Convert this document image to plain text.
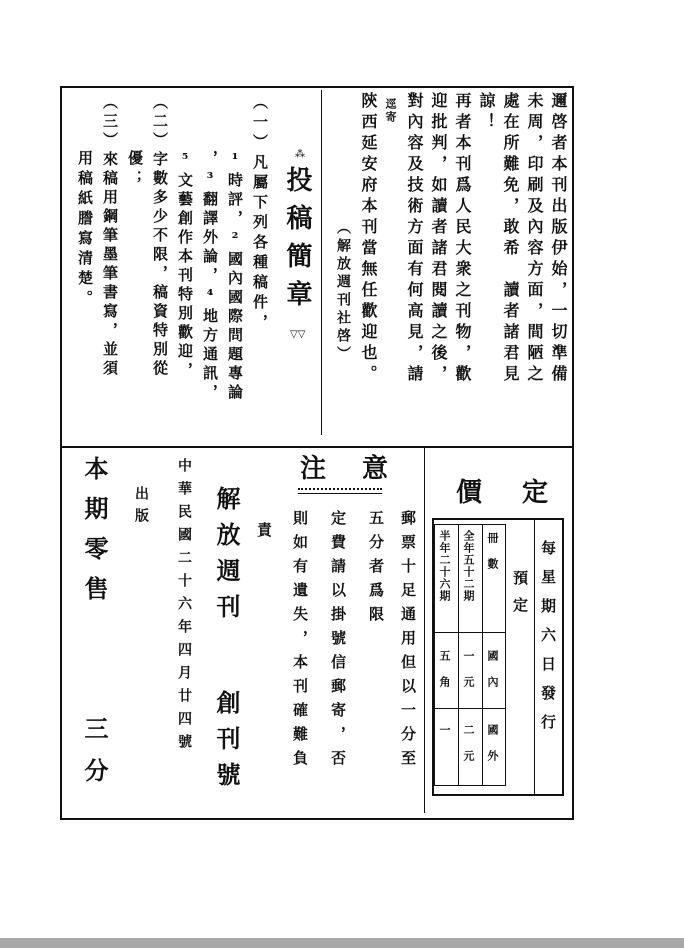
邇啓者本刊出版伊始，一切準備
未周，印刷及內容方面，間陋之
處在所難免，敢希　讀者諸君見
諒！
再者本刊爲人民大衆之刊物，歡
迎批判，如讀者諸君閱讀之後，
對內容及技術方面有何高見，請
逕寄
陝西延安府本刊當無任歡迎也。
（解放週刊社啓）
⁂
投稿簡章
▽▽
（一）凡屬下列各種稿件，
¹時評，²國內國際問題專論
，³翻譯外論，⁴地方通訊，
⁵文藝創作本刊特別歡迎，
（二）字數多少不限，稿資特別從
優；
（三）來稿用鋼筆墨筆書寫，並須
用稿紙謄寫清楚。
注意
郵票十足通用但以一分至
五分者爲限
定費請以掛號信郵寄，否
則如有遺失，本刊確難負
責
中華民國二十六年四月廿四號 解放週刊
創刊號
出版
本期零售
三分
定價
每星期六日發行
預定
冊　數
國　內
國　外
全年五十二期
一　元
二　元
半年二十六期
五　角
一
